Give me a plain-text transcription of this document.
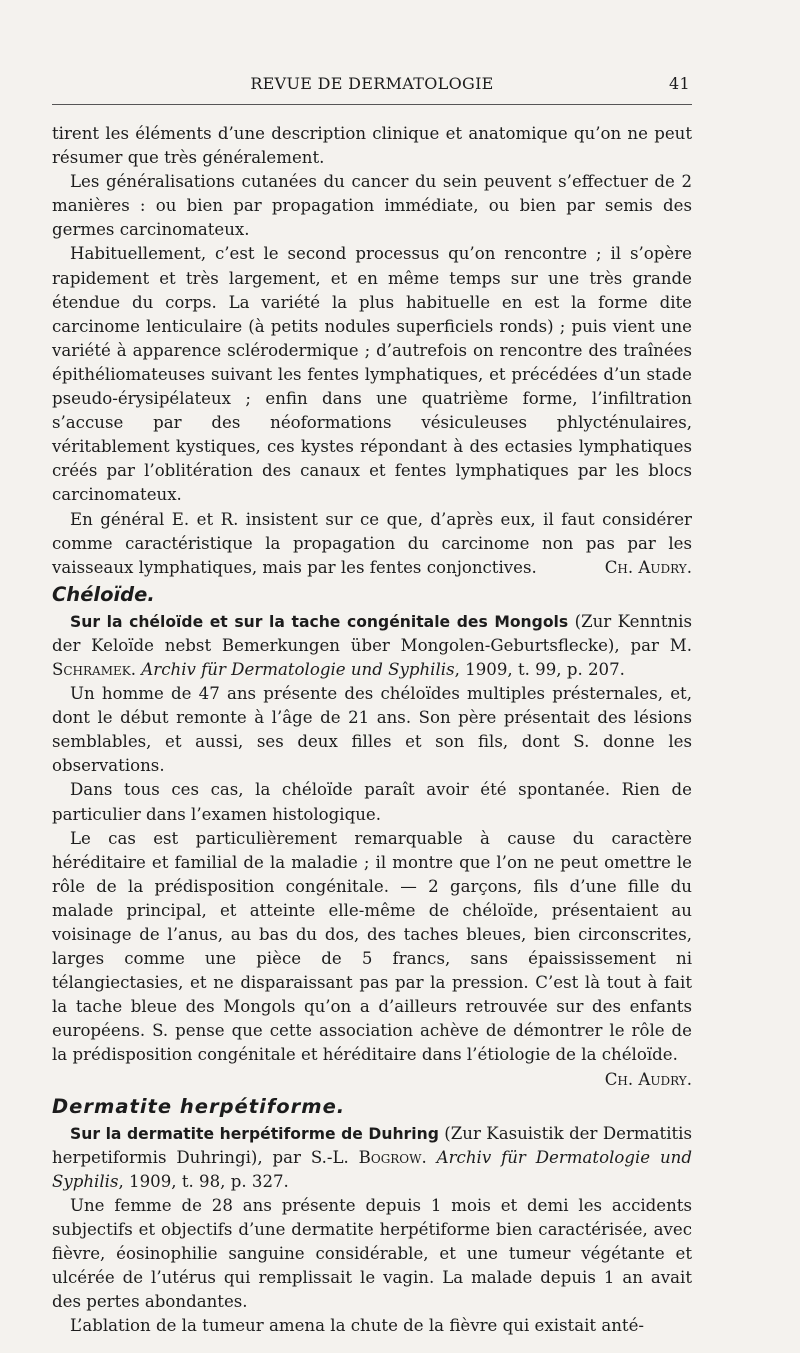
REVUE DE DERMATOLOGIE	41

tirent les éléments d’une description clinique et anatomique qu’on ne peut résumer que très généralement.

Les généralisations cutanées du cancer du sein peuvent s’effectuer de 2 manières : ou bien par propagation immédiate, ou bien par semis des germes carcinomateux.

Habituellement, c’est le second processus qu’on rencontre ; il s’opère rapidement et très largement, et en même temps sur une très grande étendue du corps. La variété la plus habituelle en est la forme dite carcinome lenticulaire (à petits nodules superficiels ronds) ; puis vient une variété à apparence sclérodermique ; d’autrefois on rencontre des traînées épithéliomateuses suivant les fentes lymphatiques, et précédées d’un stade pseudo-érysipélateux ; enfin dans une quatrième forme, l’infiltration s’accuse par des néoformations vésiculeuses phlycténulaires, véritablement kystiques, ces kystes répondant à des ectasies lymphatiques créés par l’oblitération des canaux et fentes lymphatiques par les blocs carcinomateux.

En général E. et R. insistent sur ce que, d’après eux, il faut considérer comme caractéristique la propagation du carcinome non pas par les vaisseaux lymphatiques, mais par les fentes conjonctives.	Ch. Audry.

Chéloïde.

Sur la chéloïde et sur la tache congénitale des Mongols (Zur Kenntnis der Keloïde nebst Bemerkungen über Mongolen-Geburtsflecke), par M. Schramek. Archiv für Dermatologie und Syphilis, 1909, t. 99, p. 207.

Un homme de 47 ans présente des chéloïdes multiples présternales, et, dont le début remonte à l’âge de 21 ans. Son père présentait des lésions semblables, et aussi, ses deux filles et son fils, dont S. donne les observations.

Dans tous ces cas, la chéloïde paraît avoir été spontanée. Rien de particulier dans l’examen histologique.

Le cas est particulièrement remarquable à cause du caractère héréditaire et familial de la maladie ; il montre que l’on ne peut omettre le rôle de la prédisposition congénitale. — 2 garçons, fils d’une fille du malade principal, et atteinte elle-même de chéloïde, présentaient au voisinage de l’anus, au bas du dos, des taches bleues, bien circonscrites, larges comme une pièce de 5 francs, sans épaississement ni télangiectasies, et ne disparaissant pas par la pression. C’est là tout à fait la tache bleue des Mongols qu’on a d’ailleurs retrouvée sur des enfants européens. S. pense que cette association achève de démontrer le rôle de la prédisposition congénitale et héréditaire dans l’étiologie de la chéloïde.
Ch. Audry.

Dermatite herpétiforme.

Sur la dermatite herpétiforme de Duhring (Zur Kasuistik der Dermatitis herpetiformis Duhringi), par S.-L. Bogrow. Archiv für Dermatologie und Syphilis, 1909, t. 98, p. 327.

Une femme de 28 ans présente depuis 1 mois et demi les accidents subjectifs et objectifs d’une dermatite herpétiforme bien caractérisée, avec fièvre, éosinophilie sanguine considérable, et une tumeur végétante et ulcérée de l’utérus qui remplissait le vagin. La malade depuis 1 an avait des pertes abondantes.

L’ablation de la tumeur amena la chute de la fièvre qui existait anté-
